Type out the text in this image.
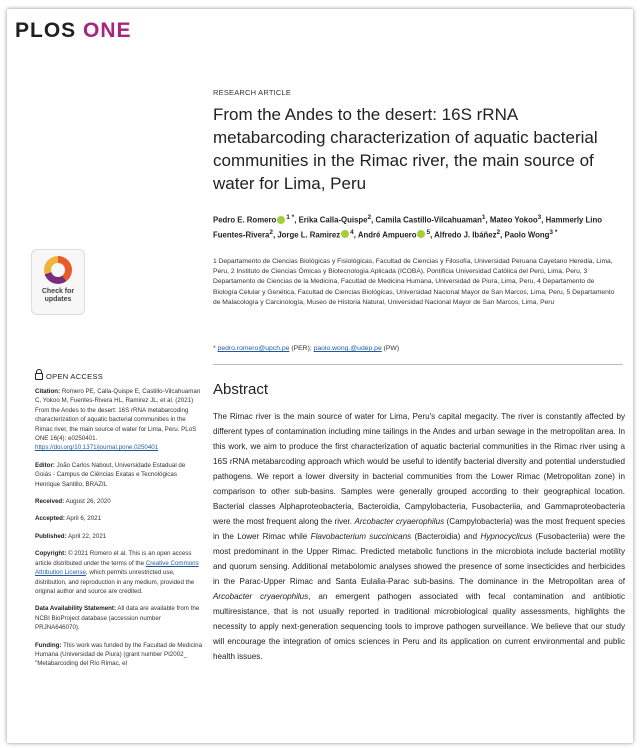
PLOS ONE
RESEARCH ARTICLE
From the Andes to the desert: 16S rRNA metabarcoding characterization of aquatic bacterial communities in the Rimac river, the main source of water for Lima, Peru
Pedro E. Romero $^{1 *}$, Erika Calla-Quispe$^2$, Camila Castillo-Vilcahuaman$^1$, Mateo Yokoo$^3$, Hammerly Lino Fuentes-Rivera$^2$, Jorge L. Ramirez $^4$, André Ampuero $^5$, Alfredo J. Ibáñez$^2$, Paolo Wong$^{3 *}$
1 Departamento de Ciencias Biológicas y Fisiológicas, Facultad de Ciencias y Filosofía, Universidad Peruana Cayetano Heredia, Lima, Peru, 2 Instituto de Ciencias Ómicas y Biotecnología Aplicada (ICOBA), Pontificia Universidad Católica del Perú, Lima, Peru, 3 Departamento de Ciencias de la Medicina, Facultad de Medicina Humana, Universidad de Piura, Lima, Peru, 4 Departamento de Biología Celular y Genética, Facultad de Ciencias Biológicas, Universidad Nacional Mayor de San Marcos, Lima, Peru, 5 Departamento de Malacología y Carcinología, Museo de Historia Natural, Universidad Nacional Mayor de San Marcos, Lima, Peru
* pedro.romero@upch.pe (PER); paolo.wong.@udep.pe (PW)
Abstract
The Rimac river is the main source of water for Lima, Peru's capital megacity. The river is constantly affected by different types of contamination including mine tailings in the Andes and urban sewage in the metropolitan area. In this work, we aim to produce the first characterization of aquatic bacterial communities in the Rimac river using a 16S rRNA metabarcoding approach which would be useful to identify bacterial diversity and potential understudied pathogens. We report a lower diversity in bacterial communities from the Lower Rimac (Metropolitan zone) in comparison to other sub-basins. Samples were generally grouped according to their geographical location. Bacterial classes Alphaproteobacteria, Bacteroidia, Campylobacteria, Fusobacteriia, and Gammaproteobacteria were the most frequent along the river. Arcobacter cryaerophilus (Campylobacteria) was the most frequent species in the Lower Rimac while Flavobacterium succinicans (Bacteroidia) and Hypnocyclicus (Fusobacteriia) were the most predominant in the Upper Rimac. Predicted metabolic functions in the microbiota include bacterial motility and quorum sensing. Additional metabolomic analyses showed the presence of some insecticides and herbicides in the Parac-Upper Rimac and Santa Eulalia-Parac sub-basins. The dominance in the Metropolitan area of Arcobacter cryaerophilus, an emergent pathogen associated with fecal contamination and antibiotic multiresistance, that is not usually reported in traditional microbiological quality assessments, highlights the necessity to apply next-generation sequencing tools to improve pathogen surveillance. We believe that our study will encourage the integration of omics sciences in Peru and its application on current environmental and public health issues.
Check for
updates
OPEN ACCESS

Citation: Romero PE, Calla-Quispe E, Castillo-Vilcahuaman C, Yokoo M, Fuentes-Rivera HL, Ramirez JL, et al. (2021) From the Andes to the desert: 16S rRNA metabarcoding characterization of aquatic bacterial communities in the Rimac river, the main source of water for Lima, Peru. PLoS ONE 16(4): e0250401. https://doi.org/10.1371/journal.pone.0250401

Editor: João Carlos Nabout, Universidade Estadual de Goiás - Campus de Ciências Exatas e Tecnológicas Henrique Santillo, BRAZIL

Received: August 26, 2020

Accepted: April 6, 2021

Published: April 22, 2021

Copyright: © 2021 Romero et al. This is an open access article distributed under the terms of the Creative Commons Attribution License, which permits unrestricted use, distribution, and reproduction in any medium, provided the original author and source are credited.

Data Availability Statement: All data are available from the NCBI BioProject database (accession number PRJNA646070).

Funding: This work was funded by the Facultad de Medicina Humana (Universidad de Piura) (grant number PI2002_ "Metabarcoding del Río Rimac, el
